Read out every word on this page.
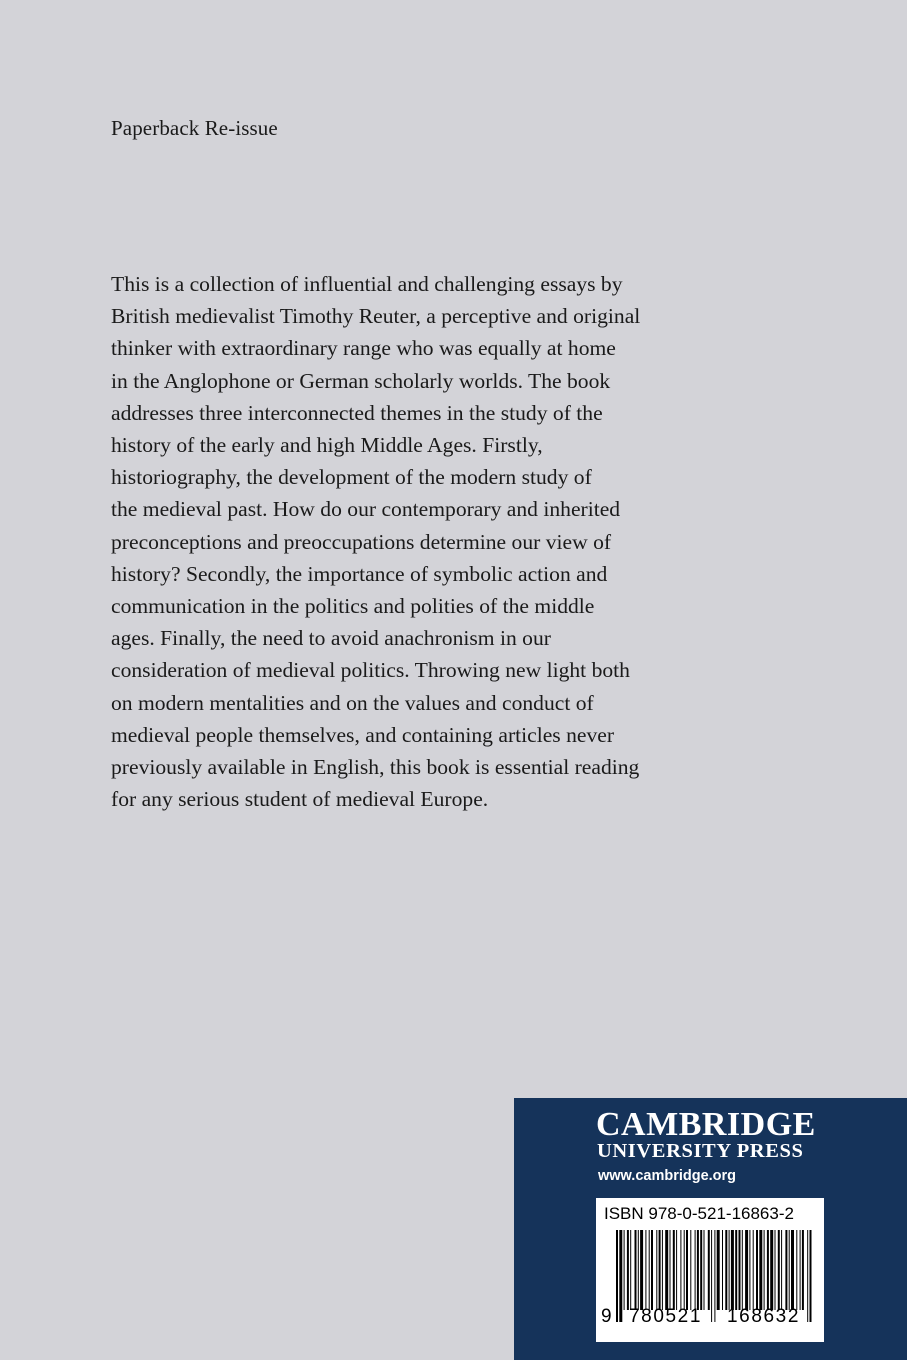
Paperback Re-issue
This is a collection of influential and challenging essays by
British medievalist Timothy Reuter, a perceptive and original
thinker with extraordinary range who was equally at home
in the Anglophone or German scholarly worlds. The book
addresses three interconnected themes in the study of the
history of the early and high Middle Ages. Firstly,
historiography, the development of the modern study of
the medieval past. How do our contemporary and inherited
preconceptions and preoccupations determine our view of
history? Secondly, the importance of symbolic action and
communication in the politics and polities of the middle
ages. Finally, the need to avoid anachronism in our
consideration of medieval politics. Throwing new light both
on modern mentalities and on the values and conduct of
medieval people themselves, and containing articles never
previously available in English, this book is essential reading
for any serious student of medieval Europe.
CAMBRIDGE
UNIVERSITY PRESS
www.cambridge.org
ISBN 978-0-521-16863-2
9 780521 168632
